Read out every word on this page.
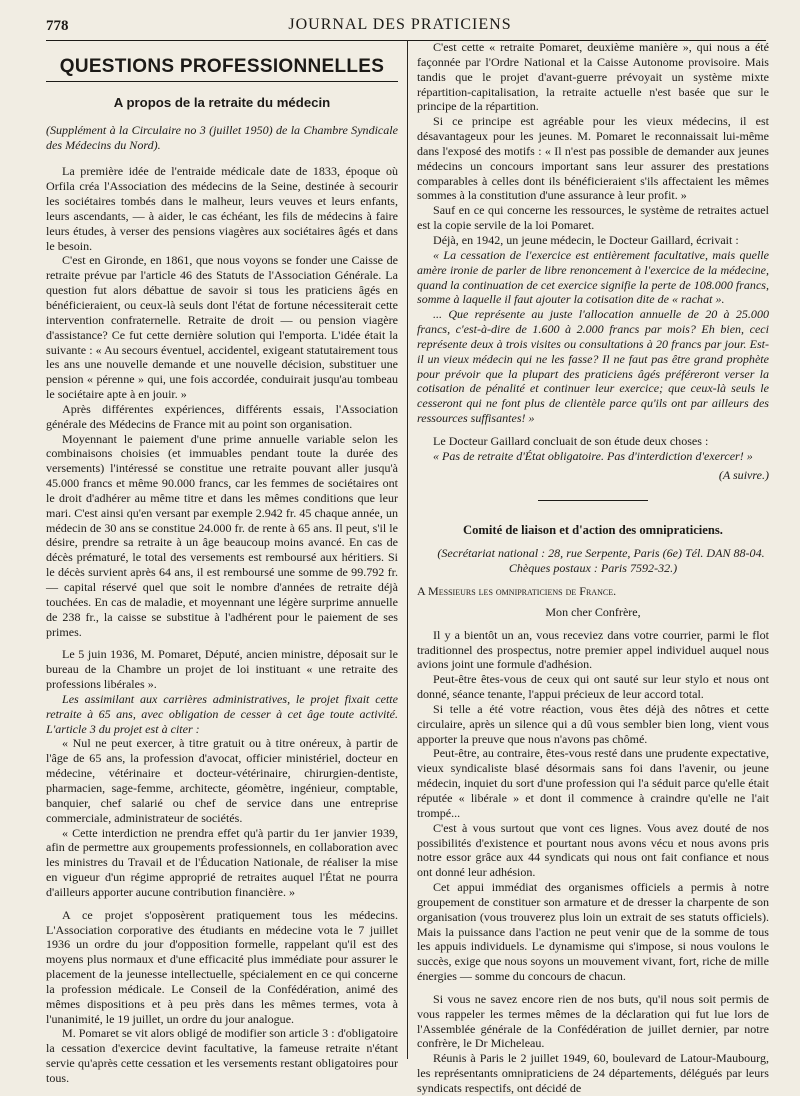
778	JOURNAL DES PRATICIENS
QUESTIONS PROFESSIONNELLES
A propos de la retraite du médecin

(Supplément à la Circulaire no 3 (juillet 1950) de la Chambre Syndicale des Médecins du Nord).

La première idée de l'entraide médicale date de 1833, époque où Orfila créa l'Association des médecins de la Seine, destinée à secourir les sociétaires tombés dans le malheur, leurs veuves et leurs enfants, leurs ascendants, — à aider, le cas échéant, les fils de médecins à faire leurs études, à verser des pensions viagères aux sociétaires âgés et dans le besoin.

C'est en Gironde, en 1861, que nous voyons se fonder une Caisse de retraite prévue par l'article 46 des Statuts de l'Association Générale. La question fut alors débattue de savoir si tous les praticiens âgés en bénéficieraient, ou ceux-là seuls dont l'état de fortune nécessiterait cette intervention confraternelle. Retraite de droit — ou pension viagère d'assistance? Ce fut cette dernière solution qui l'emporta. L'idée était la suivante : « Au secours éventuel, accidentel, exigeant statutairement tous les ans une nouvelle demande et une nouvelle décision, substituer une pension « pérenne » qui, une fois accordée, conduirait jusqu'au tombeau le sociétaire apte à en jouir. »

Après différentes expériences, différents essais, l'Association générale des Médecins de France mit au point son organisation.

Moyennant le paiement d'une prime annuelle variable selon les combinaisons choisies (et immuables pendant toute la durée des versements) l'intéressé se constitue une retraite pouvant aller jusqu'à 45.000 francs et même 90.000 francs, car les femmes de sociétaires ont le droit d'adhérer au même titre et dans les mêmes conditions que leur mari. C'est ainsi qu'en versant par exemple 2.942 fr. 45 chaque année, un médecin de 30 ans se constitue 24.000 fr. de rente à 65 ans. Il peut, s'il le désire, prendre sa retraite à un âge beaucoup moins avancé. En cas de décès prématuré, le total des versements est remboursé aux héritiers. Si le décès survient après 64 ans, il est remboursé une somme de 99.792 fr. — capital réservé quel que soit le nombre d'années de retraite déjà touchées. En cas de maladie, et moyennant une légère surprime annuelle de 238 fr., la caisse se substitue à l'adhérent pour le paiement de ses primes.

Le 5 juin 1936, M. Pomaret, Député, ancien ministre, déposait sur le bureau de la Chambre un projet de loi instituant « une retraite des professions libérales ».

Les assimilant aux carrières administratives, le projet fixait cette retraite à 65 ans, avec obligation de cesser à cet âge toute activité. L'article 3 du projet est à citer :

« Nul ne peut exercer, à titre gratuit ou à titre onéreux, à partir de l'âge de 65 ans, la profession d'avocat, officier ministériel, docteur en médecine, vétérinaire et docteur-vétérinaire, chirurgien-dentiste, pharmacien, sage-femme, architecte, géomètre, ingénieur, comptable, banquier, chef salarié ou chef de service dans une entreprise commerciale, administrateur de sociétés.

« Cette interdiction ne prendra effet qu'à partir du 1er janvier 1939, afin de permettre aux groupements professionnels, en collaboration avec les ministres du Travail et de l'Éducation Nationale, de réaliser la mise en vigueur d'un régime approprié de retraites auquel l'État ne pourra d'ailleurs apporter aucune contribution financière. »

A ce projet s'opposèrent pratiquement tous les médecins. L'Association corporative des étudiants en médecine vota le 7 juillet 1936 un ordre du jour d'opposition formelle, rappelant qu'il est des moyens plus normaux et d'une efficacité plus immédiate pour assurer le placement de la jeunesse intellectuelle, spécialement en ce qui concerne la profession médicale. Le Conseil de la Confédération, animé des mêmes dispositions et à peu près dans les mêmes termes, vota à l'unanimité, le 19 juillet, un ordre du jour analogue.

M. Pomaret se vit alors obligé de modifier son article 3 : d'obligatoire la cessation d'exercice devint facultative, la fameuse retraite n'étant servie qu'après cette cessation et les versements restant obligatoires pour tous.

C'est cette « retraite Pomaret, deuxième manière », qui nous a été façonnée par l'Ordre National et la Caisse Autonome provisoire. Mais tandis que le projet d'avant-guerre prévoyait un système mixte répartition-capitalisation, la retraite actuelle n'est basée que sur le principe de la répartition.

Si ce principe est agréable pour les vieux médecins, il est désavantageux pour les jeunes. M. Pomaret le reconnaissait lui-même dans l'exposé des motifs : « Il n'est pas possible de demander aux jeunes médecins un concours important sans leur assurer des prestations comparables à celles dont ils bénéficieraient s'ils affectaient les mêmes sommes à la constitution d'une assurance à leur profit. »

Sauf en ce qui concerne les ressources, le système de retraites actuel est la copie servile de la loi Pomaret.

Déjà, en 1942, un jeune médecin, le Docteur Gaillard, écrivait :

« La cessation de l'exercice est entièrement facultative, mais quelle amère ironie de parler de libre renoncement à l'exercice de la médecine, quand la continuation de cet exercice signifie la perte de 108.000 francs, somme à laquelle il faut ajouter la cotisation dite de « rachat ».

... Que représente au juste l'allocation annuelle de 20 à 25.000 francs, c'est-à-dire de 1.600 à 2.000 francs par mois? Eh bien, ceci représente deux à trois visites ou consultations à 20 francs par jour. Est-il un vieux médecin qui ne les fasse? Il ne faut pas être grand prophète pour prévoir que la plupart des praticiens âgés préféreront verser la cotisation de pénalité et continuer leur exercice; que ceux-là seuls le cesseront qui ne font plus de clientèle parce qu'ils ont par ailleurs des ressources suffisantes! »

Le Docteur Gaillard concluait de son étude deux choses :

« Pas de retraite d'État obligatoire. Pas d'interdiction d'exercer! »

(A suivre.)

Comité de liaison et d'action des omnipraticiens.

(Secrétariat national : 28, rue Serpente, Paris (6e) Tél. DAN 88-04. Chèques postaux : Paris 7592-32.)

A Messieurs les omnipraticiens de France.

Mon cher Confrère,

Il y a bientôt un an, vous receviez dans votre courrier, parmi le flot traditionnel des prospectus, notre premier appel individuel auquel nous avions joint une formule d'adhésion.

Peut-être êtes-vous de ceux qui ont sauté sur leur stylo et nous ont donné, séance tenante, l'appui précieux de leur accord total.

Si telle a été votre réaction, vous êtes déjà des nôtres et cette circulaire, après un silence qui a dû vous sembler bien long, vient vous apporter la preuve que nous n'avons pas chômé.

Peut-être, au contraire, êtes-vous resté dans une prudente expectative, vieux syndicaliste blasé désormais sans foi dans l'avenir, ou jeune médecin, inquiet du sort d'une profession qui l'a séduit parce qu'elle était réputée « libérale » et dont il commence à craindre qu'elle ne l'ait trompé...

C'est à vous surtout que vont ces lignes. Vous avez douté de nos possibilités d'existence et pourtant nous avons vécu et nous avons pris notre essor grâce aux 44 syndicats qui nous ont fait confiance et nous ont donné leur adhésion.

Cet appui immédiat des organismes officiels a permis à notre groupement de constituer son armature et de dresser la charpente de son organisation (vous trouverez plus loin un extrait de ses statuts officiels). Mais la puissance dans l'action ne peut venir que de la somme de tous les appuis individuels. Le dynamisme qui s'impose, si nous voulons le succès, exige que nous soyons un mouvement vivant, fort, riche de mille énergies — somme du concours de chacun.

Si vous ne savez encore rien de nos buts, qu'il nous soit permis de vous rappeler les termes mêmes de la déclaration qui fut lue lors de l'Assemblée générale de la Confédération de juillet dernier, par notre confrère, le Dr Micheleau.

Réunis à Paris le 2 juillet 1949, 60, boulevard de Latour-Maubourg, les représentants omnipraticiens de 24 départements, délégués par leurs syndicats respectifs, ont décidé de
